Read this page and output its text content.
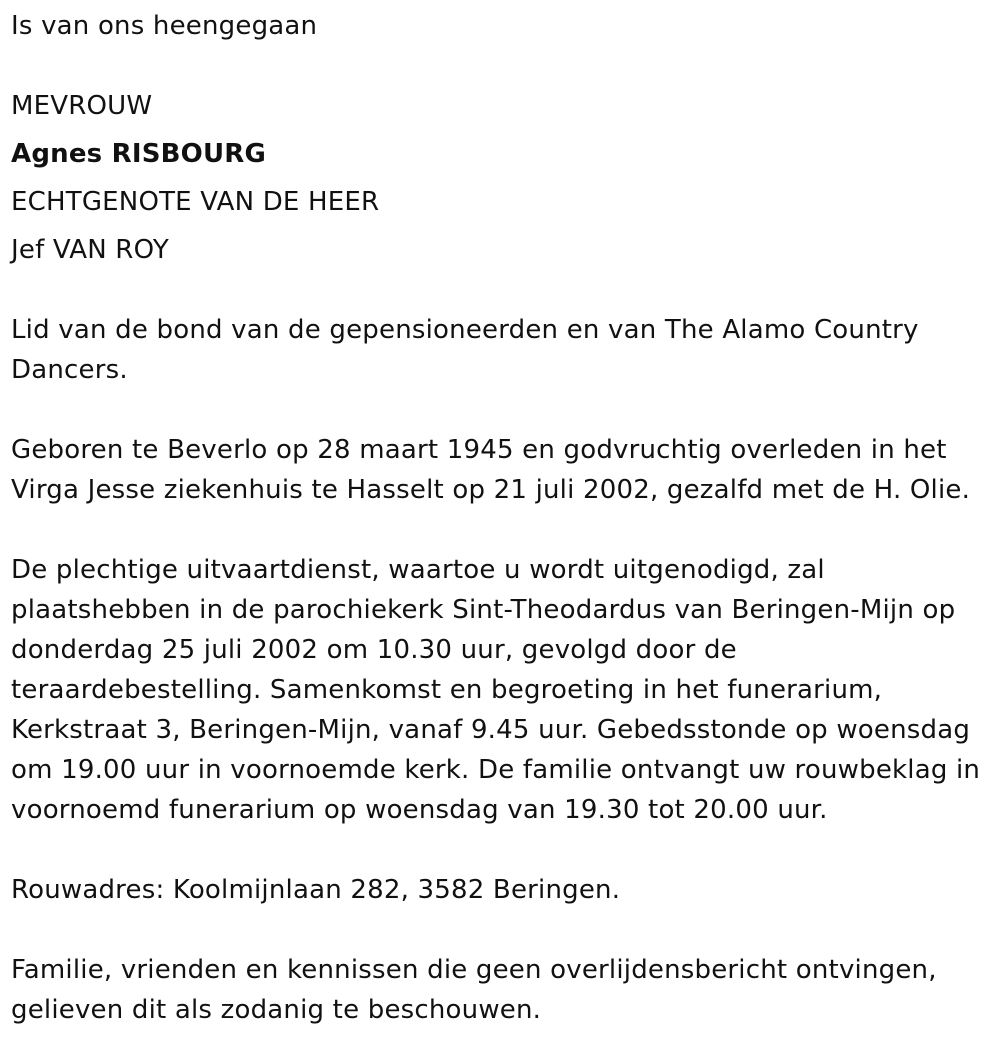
Is van ons heengegaan
MEVROUW
Agnes RISBOURG
ECHTGENOTE VAN DE HEER
Jef VAN ROY
Lid van de bond van de gepensioneerden en van The Alamo Country
Dancers.
Geboren te Beverlo op 28 maart 1945 en godvruchtig overleden in het
Virga Jesse ziekenhuis te Hasselt op 21 juli 2002, gezalfd met de H. Olie.
De plechtige uitvaartdienst, waartoe u wordt uitgenodigd, zal
plaatshebben in de parochiekerk Sint-Theodardus van Beringen-Mijn op
donderdag 25 juli 2002 om 10.30 uur, gevolgd door de
teraardebestelling. Samenkomst en begroeting in het funerarium,
Kerkstraat 3, Beringen-Mijn, vanaf 9.45 uur. Gebedsstonde op woensdag
om 19.00 uur in voornoemde kerk. De familie ontvangt uw rouwbeklag in
voornoemd funerarium op woensdag van 19.30 tot 20.00 uur.
Rouwadres: Koolmijnlaan 282, 3582 Beringen.
Familie, vrienden en kennissen die geen overlijdensbericht ontvingen,
gelieven dit als zodanig te beschouwen.
